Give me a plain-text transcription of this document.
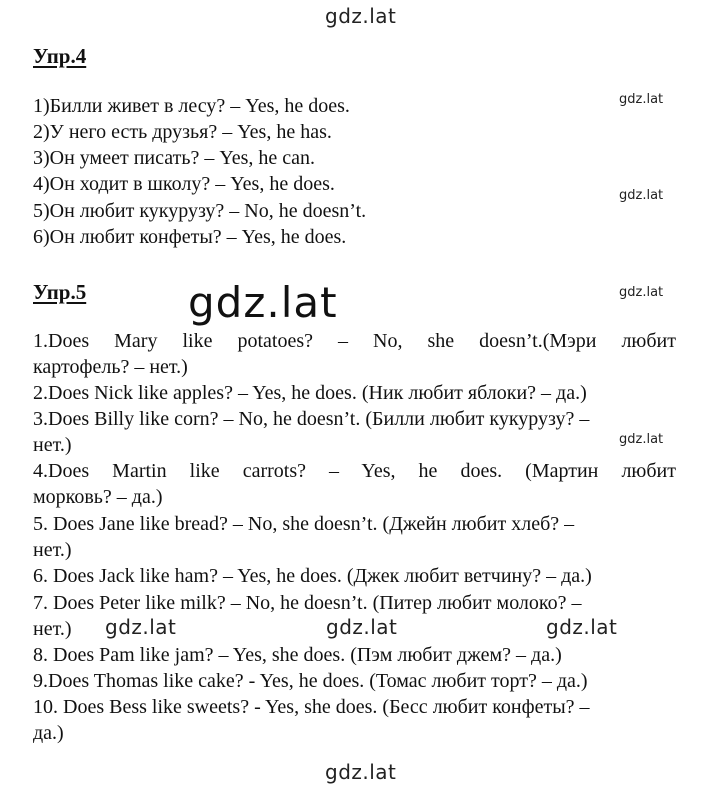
gdz.lat
gdz.lat
gdz.lat
gdz.lat
gdz.lat
gdz.lat
gdz.lat	gdz.lat	gdz.lat
gdz.lat
Упр.4
1)Билли живет в лесу? – Yes, he does.
2)У него есть друзья? – Yes, he has.
3)Он умеет писать? – Yes, he can.
4)Он ходит в школу? – Yes, he does.
5)Он любит кукурузу? – No, he doesn’t.
6)Он любит конфеты? – Yes, he does.
Упр.5
1.Does Mary like potatoes? – No, she doesn’t.(Мэри любит
картофель? – нет.)
2.Does Nick like apples? – Yes, he does. (Ник любит яблоки? – да.)
3.Does Billy like corn? – No, he doesn’t. (Билли любит кукурузу? –
нет.)
4.Does Martin like carrots? – Yes, he does. (Мартин любит
морковь? – да.)
5. Does Jane like bread? – No, she doesn’t. (Джейн любит хлеб? –
нет.)
6. Does Jack like ham? – Yes, he does. (Джек любит ветчину? – да.)
7. Does Peter like milk? – No, he doesn’t. (Питер любит молоко? –
нет.)
8. Does Pam like jam? – Yes, she does. (Пэм любит джем? – да.)
9.Does Thomas like cake? - Yes, he does. (Томас любит торт? – да.)
10. Does Bess like sweets? - Yes, she does. (Бесс любит конфеты? –
да.)
